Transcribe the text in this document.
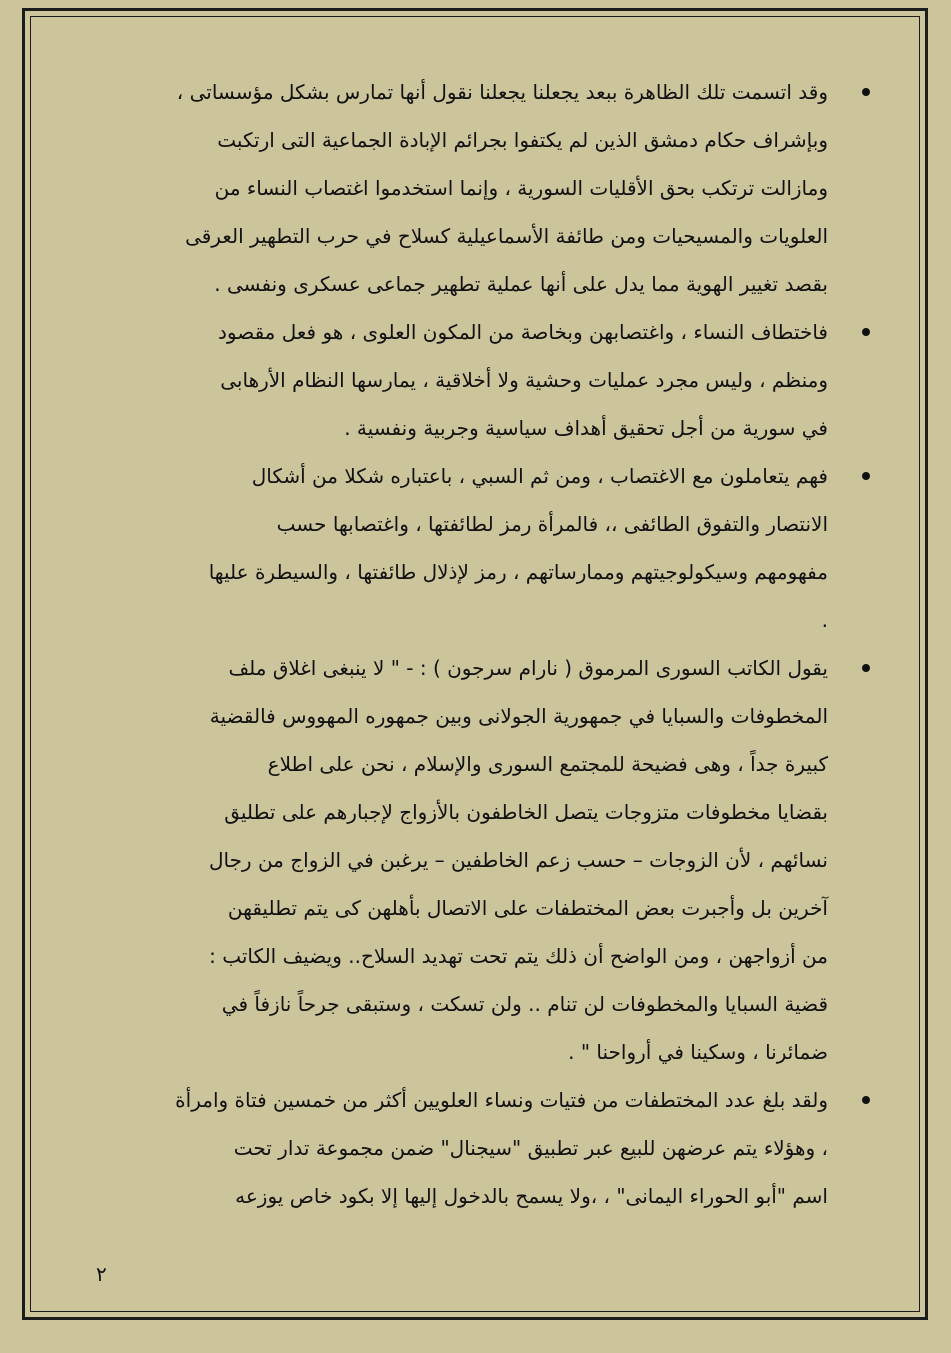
وقد اتسمت تلك الظاهرة ببعد يجعلنا يجعلنا نقول أنها تمارس بشكل مؤسساتى ،
وبإشراف حكام دمشق الذين لم يكتفوا بجرائم الإبادة الجماعية التى ارتكبت
ومازالت ترتكب بحق الأقليات السورية ، وإنما استخدموا اغتصاب النساء من
العلويات والمسيحيات ومن طائفة الأسماعيلية كسلاح في حرب التطهير العرقى
بقصد تغيير الهوية مما يدل على أنها عملية تطهير جماعى عسكرى ونفسى .
فاختطاف النساء ، واغتصابهن وبخاصة من المكون العلوى ، هو فعل مقصود
ومنظم ، وليس مجرد عمليات وحشية ولا أخلاقية ، يمارسها النظام الأرهابى
في سورية من أجل تحقيق أهداف سياسية وجربية ونفسية .
فهم يتعاملون مع الاغتصاب ، ومن ثم السبي ، باعتباره شكلا من أشكال
الانتصار والتفوق الطائفى ،، فالمرأة رمز لطائفتها ، واغتصابها حسب
مفهومهم وسيكولوجيتهم وممارساتهم ، رمز لإذلال طائفتها ، والسيطرة عليها
.
يقول الكاتب السورى المرموق ( نارام سرجون ) : - " لا ينبغى اغلاق ملف
المخطوفات والسبايا في جمهورية الجولانى وبين جمهوره المهووس فالقضية
كبيرة جداً ، وهى فضيحة للمجتمع السورى والإسلام ، نحن على اطلاع
بقضايا مخطوفات متزوجات يتصل الخاطفون بالأزواج لإجبارهم على تطليق
نسائهم ، لأن الزوجات – حسب زعم الخاطفين – يرغبن في الزواج من رجال
آخرين بل وأجبرت بعض المختطفات على الاتصال بأهلهن كى يتم تطليقهن
من أزواجهن ، ومن الواضح أن ذلك يتم تحت تهديد السلاح.. ويضيف الكاتب :
قضية السبايا والمخطوفات لن تنام .. ولن تسكت ، وستبقى جرحاً نازفاً في
ضمائرنا ، وسكينا في أرواحنا " .
ولقد بلغ عدد المختطفات من فتيات ونساء العلويين أكثر من خمسين فتاة وامرأة
، وهؤلاء يتم عرضهن للبيع عبر تطبيق "سيجنال" ضمن مجموعة تدار تحت
اسم "أبو الحوراء اليمانى" ، ،ولا يسمح بالدخول إليها إلا بكود خاص يوزعه
٢
